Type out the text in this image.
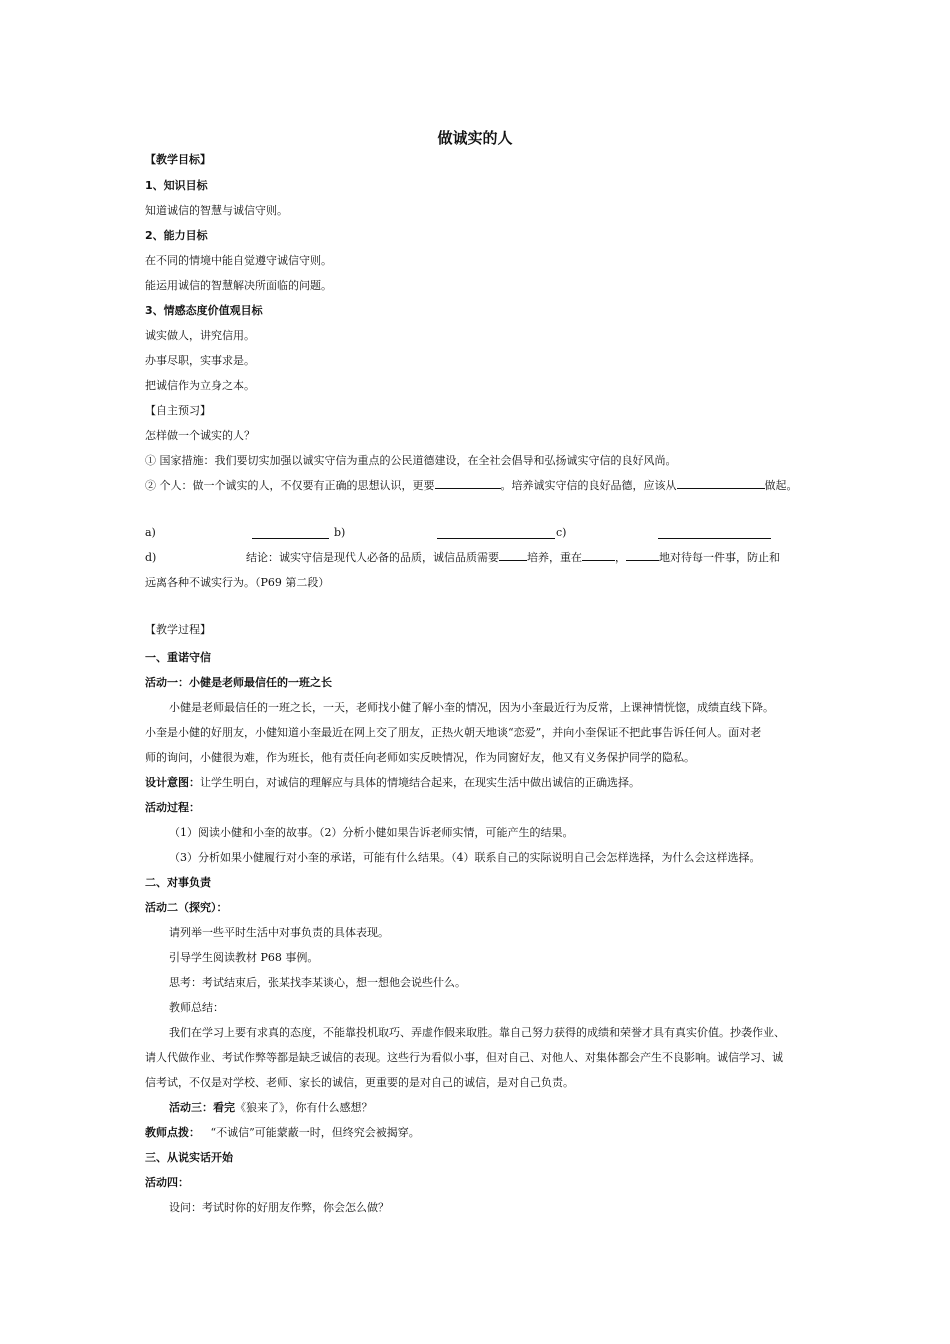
做诚实的人

【教学目标】

1、知识目标

知道诚信的智慧与诚信守则。

2、能力目标

在不同的情境中能自觉遵守诚信守则。

能运用诚信的智慧解决所面临的问题。

3、情感态度价值观目标

诚实做人，讲究信用。

办事尽职，实事求是。

把诚信作为立身之本。

【自主预习】

怎样做一个诚实的人？

① 国家措施：我们要切实加强以诚实守信为重点的公民道德建设，在全社会倡导和弘扬诚实守信的良好风尚。

② 个人：做一个诚实的人，不仅要有正确的思想认识，更要	。培养诚实守信的良好品德，应该从	做起。

a)	b)	c)
d)	结论：诚实守信是现代人必备的品质，诚信品质需要	培养，重在	，	地对待每一件事，防止和

远离各种不诚实行为。（P69 第二段）

【教学过程】

一、重诺守信

活动一：小健是老师最信任的一班之长

小健是老师最信任的一班之长，一天，老师找小健了解小奎的情况，因为小奎最近行为反常，上课神情恍惚，成绩直线下降。

小奎是小健的好朋友，小健知道小奎最近在网上交了朋友，正热火朝天地谈“恋爱”，并向小奎保证不把此事告诉任何人。面对老

师的询问，小健很为难，作为班长，他有责任向老师如实反映情况，作为同窗好友，他又有义务保护同学的隐私。

设计意图：让学生明白，对诚信的理解应与具体的情境结合起来，在现实生活中做出诚信的正确选择。

活动过程：

（1）阅读小健和小奎的故事。（2）分析小健如果告诉老师实情，可能产生的结果。

（3）分析如果小健履行对小奎的承诺，可能有什么结果。（4）联系自己的实际说明自己会怎样选择，为什么会这样选择。

二、对事负责

活动二（探究）：

请列举一些平时生活中对事负责的具体表现。

引导学生阅读教材 P68 事例。

思考：考试结束后，张某找李某谈心，想一想他会说些什么。

教师总结：

我们在学习上要有求真的态度，不能靠投机取巧、弄虚作假来取胜。靠自己努力获得的成绩和荣誉才具有真实价值。抄袭作业、

请人代做作业、考试作弊等都是缺乏诚信的表现。这些行为看似小事，但对自己、对他人、对集体都会产生不良影响。诚信学习、诚

信考试，不仅是对学校、老师、家长的诚信，更重要的是对自己的诚信，是对自己负责。

活动三：看完《狼来了》，你有什么感想？

教师点拨： “不诚信”可能蒙蔽一时，但终究会被揭穿。

三、从说实话开始

活动四：

设问：考试时你的好朋友作弊，你会怎么做？
